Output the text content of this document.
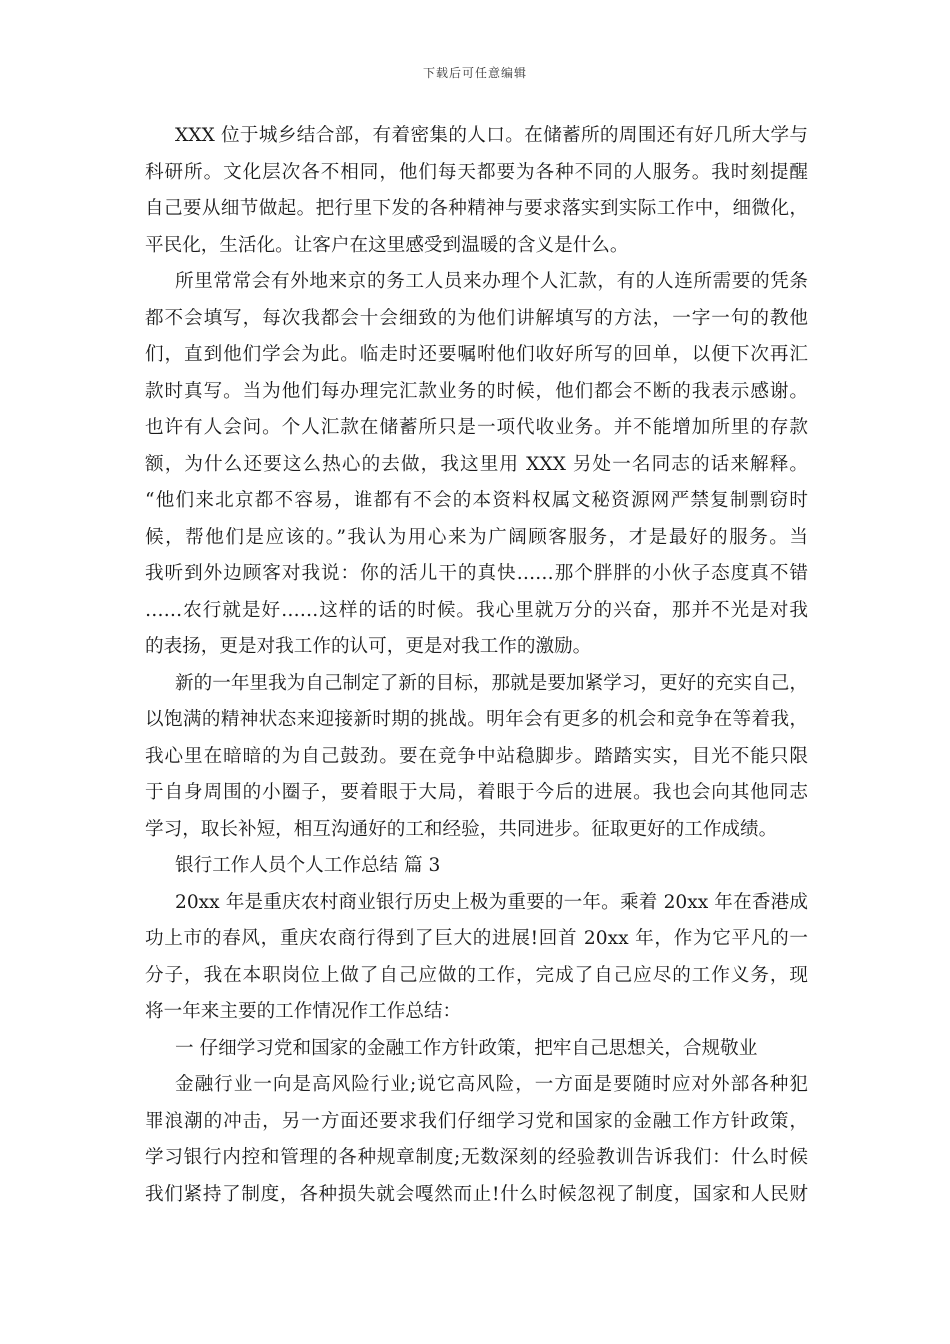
下载后可任意编辑
XXX 位于城乡结合部，有着密集的人口。在储蓄所的周围还有好几所大学与
科研所。文化层次各不相同，他们每天都要为各种不同的人服务。我时刻提醒
自己要从细节做起。把行里下发的各种精神与要求落实到实际工作中，细微化，
平民化，生活化。让客户在这里感受到温暖的含义是什么。
所里常常会有外地来京的务工人员来办理个人汇款，有的人连所需要的凭条
都不会填写，每次我都会十会细致的为他们讲解填写的方法，一字一句的教他
们，直到他们学会为此。临走时还要嘱咐他们收好所写的回单，以便下次再汇
款时真写。当为他们每办理完汇款业务的时候，他们都会不断的我表示感谢。
也许有人会问。个人汇款在储蓄所只是一项代收业务。并不能增加所里的存款
额，为什么还要这么热心的去做，我这里用 XXX 另处一名同志的话来解释。
“他们来北京都不容易，谁都有不会的本资料权属文秘资源网严禁复制剽窃时
候，帮他们是应该的。”我认为用心来为广阔顾客服务，才是最好的服务。当
我听到外边顾客对我说：你的活儿干的真快……那个胖胖的小伙子态度真不错
……农行就是好……这样的话的时候。我心里就万分的兴奋，那并不光是对我
的表扬，更是对我工作的认可，更是对我工作的激励。
新的一年里我为自己制定了新的目标，那就是要加紧学习，更好的充实自己，
以饱满的精神状态来迎接新时期的挑战。明年会有更多的机会和竞争在等着我，
我心里在暗暗的为自己鼓劲。要在竞争中站稳脚步。踏踏实实，目光不能只限
于自身周围的小圈子，要着眼于大局，着眼于今后的进展。我也会向其他同志
学习，取长补短，相互沟通好的工和经验，共同进步。征取更好的工作成绩。
银行工作人员个人工作总结 篇 3
20xx 年是重庆农村商业银行历史上极为重要的一年。乘着 20xx 年在香港成
功上市的春风，重庆农商行得到了巨大的进展!回首 20xx 年，作为它平凡的一
分子，我在本职岗位上做了自己应做的工作，完成了自己应尽的工作义务，现
将一年来主要的工作情况作工作总结：
一 仔细学习党和国家的金融工作方针政策，把牢自己思想关，合规敬业
金融行业一向是高风险行业;说它高风险，一方面是要随时应对外部各种犯
罪浪潮的冲击，另一方面还要求我们仔细学习党和国家的金融工作方针政策，
学习银行内控和管理的各种规章制度;无数深刻的经验教训告诉我们：什么时候
我们紧持了制度，各种损失就会嘎然而止!什么时候忽视了制度，国家和人民财
